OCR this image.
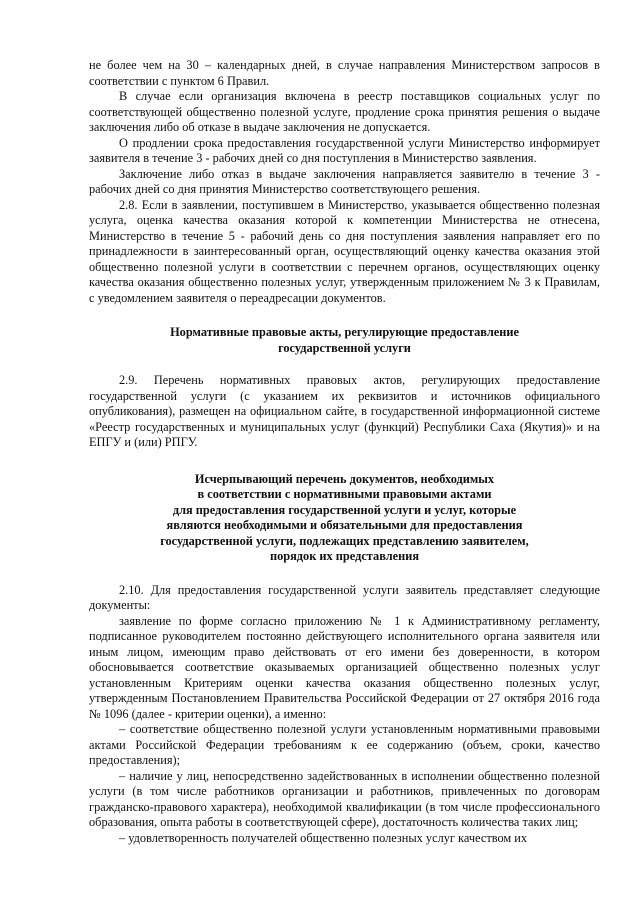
не более чем на 30 – календарных дней, в случае направления Министерством запросов в соответствии с пунктом 6 Правил.

В случае если организация включена в реестр поставщиков социальных услуг по соответствующей общественно полезной услуге, продление срока принятия решения о выдаче заключения либо об отказе в выдаче заключения не допускается.

О продлении срока предоставления государственной услуги Министерство информирует заявителя в течение 3 - рабочих дней со дня поступления в Министерство заявления.

Заключение либо отказ в выдаче заключения направляется заявителю в течение 3 - рабочих дней со дня принятия Министерство соответствующего решения.

2.8. Если в заявлении, поступившем в Министерство, указывается общественно полезная услуга, оценка качества оказания которой к компетенции Министерства не отнесена, Министерство в течение 5 - рабочий день со дня поступления заявления направляет его по принадлежности в заинтересованный орган, осуществляющий оценку качества оказания этой общественно полезной услуги в соответствии с перечнем органов, осуществляющих оценку качества оказания общественно полезных услуг, утвержденным приложением № 3 к Правилам, с уведомлением заявителя о переадресации документов.

Нормативные правовые акты, регулирующие предоставление
государственной услуги

2.9. Перечень нормативных правовых актов, регулирующих предоставление государственной услуги (с указанием их реквизитов и источников официального опубликования), размещен на официальном сайте, в государственной информационной системе «Реестр государственных и муниципальных услуг (функций) Республики Саха (Якутия)» и на ЕПГУ и (или) РПГУ.

Исчерпывающий перечень документов, необходимых
в соответствии с нормативными правовыми актами
для предоставления государственной услуги и услуг, которые
являются необходимыми и обязательными для предоставления
государственной услуги, подлежащих представлению заявителем,
порядок их представления

2.10. Для предоставления государственной услуги заявитель представляет следующие документы:

заявление по форме согласно приложению № 1 к Административному регламенту, подписанное руководителем постоянно действующего исполнительного органа заявителя или иным лицом, имеющим право действовать от его имени без доверенности, в котором обосновывается соответствие оказываемых организацией общественно полезных услуг установленным Критериям оценки качества оказания общественно полезных услуг, утвержденным Постановлением Правительства Российской Федерации от 27 октября 2016 года № 1096 (далее - критерии оценки), а именно:

– соответствие общественно полезной услуги установленным нормативными правовыми актами Российской Федерации требованиям к ее содержанию (объем, сроки, качество предоставления);

– наличие у лиц, непосредственно задействованных в исполнении общественно полезной услуги (в том числе работников организации и работников, привлеченных по договорам гражданско-правового характера), необходимой квалификации (в том числе профессионального образования, опыта работы в соответствующей сфере), достаточность количества таких лиц;

– удовлетворенность получателей общественно полезных услуг качеством их
